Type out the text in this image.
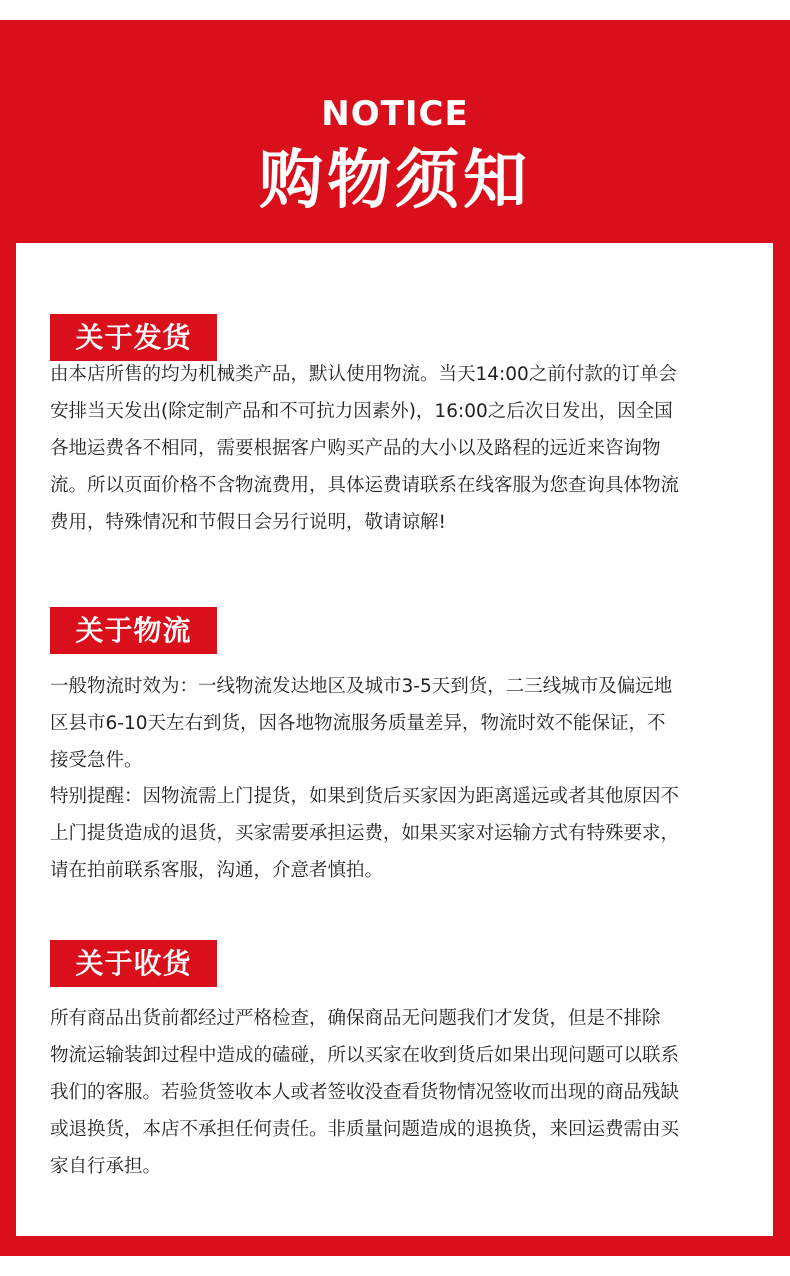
NOTICE
购物须知
关于发货

由本店所售的均为机械类产品，默认使用物流。当天14:00之前付款的订单会
安排当天发出(除定制产品和不可抗力因素外)，16:00之后次日发出，因全国
各地运费各不相同，需要根据客户购买产品的大小以及路程的远近来咨询物
流。所以页面价格不含物流费用，具体运费请联系在线客服为您查询具体物流
费用，特殊情况和节假日会另行说明，敬请谅解!

关于物流

一般物流时效为：一线物流发达地区及城市3-5天到货，二三线城市及偏远地
区县市6-10天左右到货，因各地物流服务质量差异，物流时效不能保证，不
接受急件。

特别提醒：因物流需上门提货，如果到货后买家因为距离遥远或者其他原因不
上门提货造成的退货，买家需要承担运费，如果买家对运输方式有特殊要求，
请在拍前联系客服，沟通，介意者慎拍。

关于收货

所有商品出货前都经过严格检查，确保商品无问题我们才发货，但是不排除
物流运输装卸过程中造成的磕碰，所以买家在收到货后如果出现问题可以联系
我们的客服。若验货签收本人或者签收没查看货物情况签收而出现的商品残缺
或退换货，本店不承担任何责任。非质量问题造成的退换货，来回运费需由买
家自行承担。
